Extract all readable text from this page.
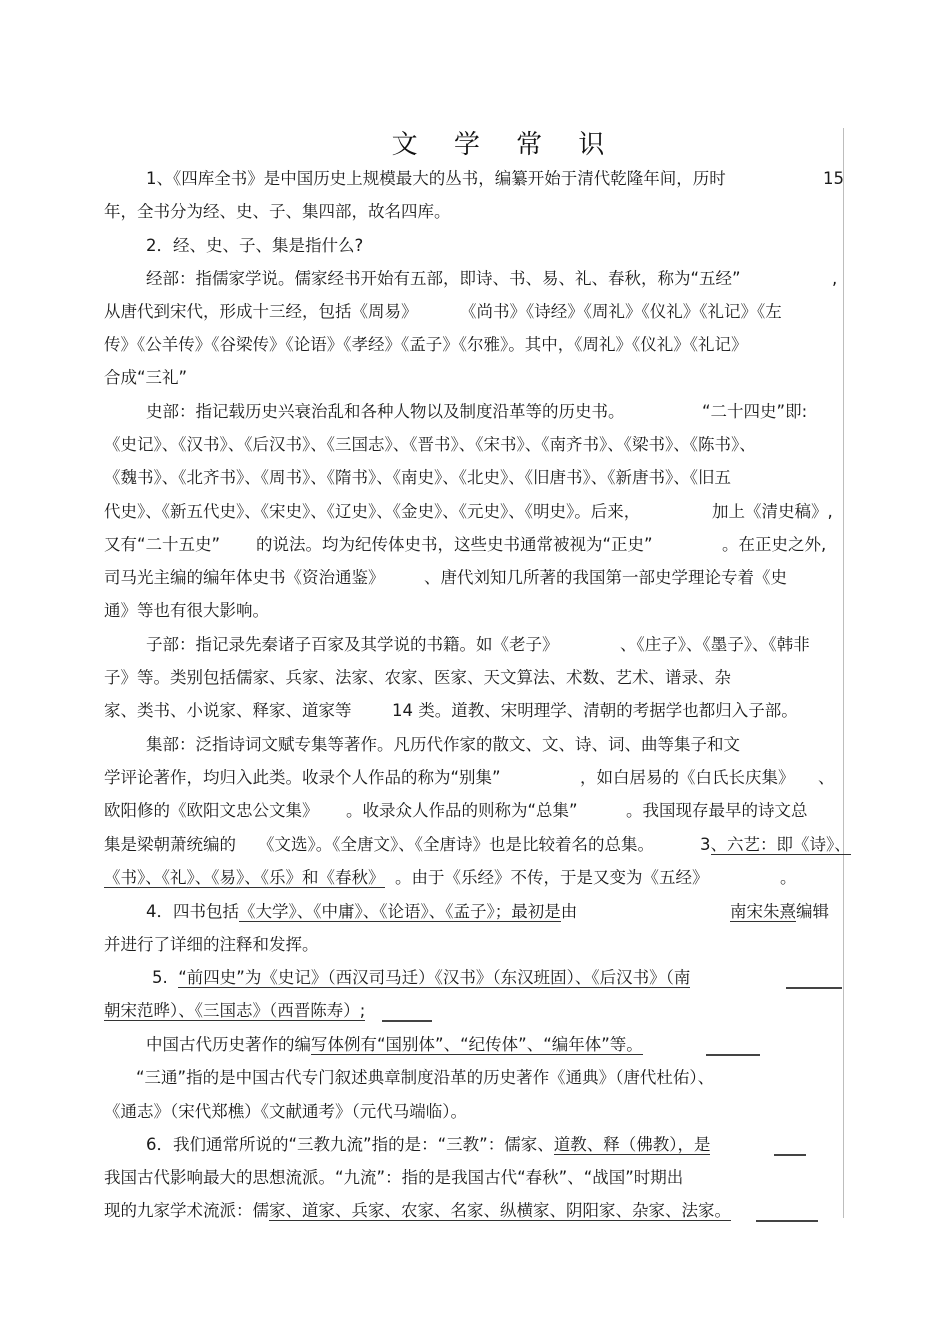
文 学 常 识
1、《四库全书》是中国历史上规模最大的丛书，编纂开始于清代乾隆年间，历时	15
年，全书分为经、史、子、集四部，故名四库。
2．经、史、子、集是指什么?
经部：指儒家学说。儒家经书开始有五部，即诗、书、易、礼、春秋，称为“五经”	,
从唐代到宋代，形成十三经，包括《周易》	《尚书》《诗经》《周礼》《仪礼》《礼记》《左
传》《公羊传》《谷梁传》《论语》《孝经》《孟子》《尔雅》。其中，《周礼》《仪礼》《礼记》
合成“三礼”
史部：指记载历史兴衰治乱和各种人物以及制度沿革等的历史书。	“二十四史”即:
《史记》、《汉书》、《后汉书》、《三国志》、《晋书》、《宋书》、《南齐书》、《梁书》、《陈书》、
《魏书》、《北齐书》、《周书》、《隋书》、《南史》、《北史》、《旧唐书》、《新唐书》、《旧五
代史》、《新五代史》、《宋史》、《辽史》、《金史》、《元史》、《明史》。后来，	加上《清史稿》,
又有“二十五史” 的说法。均为纪传体史书，这些史书通常被视为“正史”	。在正史之外,
司马光主编的编年体史书《资治通鉴》 、唐代刘知几所著的我国第一部史学理论专着《史
通》等也有很大影响。
子部：指记录先秦诸子百家及其学说的书籍。如《老子》	、《庄子》、《墨子》、《韩非
子》等。类别包括儒家、兵家、法家、农家、医家、天文算法、术数、艺术、谱录、杂
家、类书、小说家、释家、道家等 14 类。道教、宋明理学、清朝的考据学也都归入子部。
集部：泛指诗词文赋专集等著作。凡历代作家的散文、文、诗、词、曲等集子和文
学评论著作，均归入此类。收录个人作品的称为“别集”	，如白居易的《白氏长庆集》 、
欧阳修的《欧阳文忠公文集》 。收录众人作品的则称为“总集”	。我国现存最早的诗文总
集是梁朝萧统编的 《文选》。《全唐文》、《全唐诗》也是比较着名的总集。	3、六艺：即《诗》、
《书》、《礼》、《易》、《乐》和《春秋》 。由于《乐经》不传，于是又变为《五经》	。
4．四书包括《大学》、《中庸》、《论语》、《孟子》；最初是由	南宋朱熹编辑
并进行了详细的注释和发挥。
5. “前四史”为《史记》（西汉司马迁）《汉书》（东汉班固）、《后汉书》（南
朝宋范晔）、《三国志》（西晋陈寿）;
中国古代历史著作的编写体例有“国别体”、“纪传体”、“编年体”等。
“三通”指的是中国古代专门叙述典章制度沿革的历史著作《通典》（唐代杜佑）、
《通志》（宋代郑樵）《文献通考》（元代马端临）。
6．我们通常所说的“三教九流”指的是：“三教”：儒家、道教、释（佛教），是
我国古代影响最大的思想流派。“九流”：指的是我国古代“春秋”、“战国”时期出
现的九家学术流派：儒家、道家、兵家、农家、名家、纵横家、阴阳家、杂家、法家。
